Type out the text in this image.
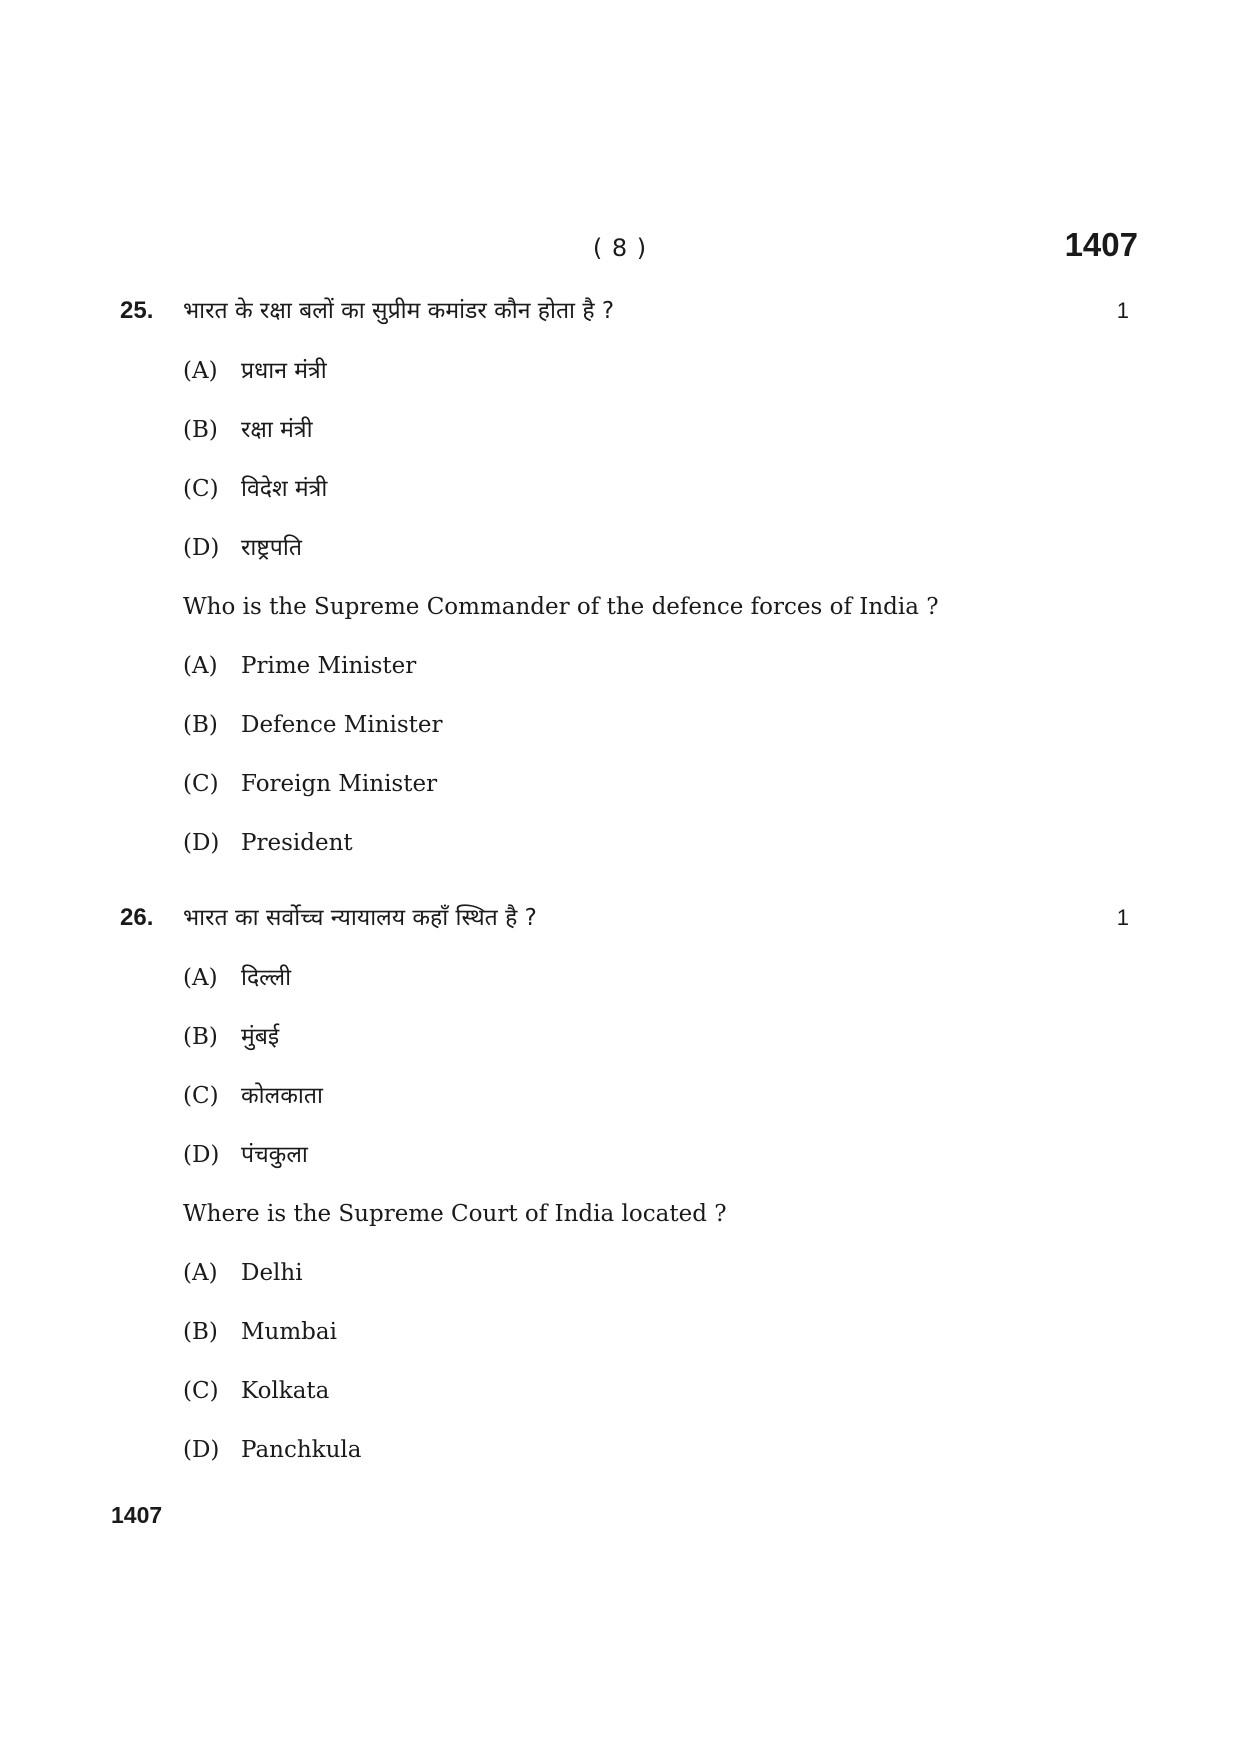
( 8 )	1407
25. भारत के रक्षा बलों का सुप्रीम कमांडर कौन होता है ?	1
(A) प्रधान मंत्री
(B) रक्षा मंत्री
(C) विदेश मंत्री
(D) राष्ट्रपति
Who is the Supreme Commander of the defence forces of India ?
(A) Prime Minister
(B) Defence Minister
(C) Foreign Minister
(D) President
26. भारत का सर्वोच्च न्यायालय कहाँ स्थित है ?	1
(A) दिल्ली
(B) मुंबई
(C) कोलकाता
(D) पंचकुला
Where is the Supreme Court of India located ?
(A) Delhi
(B) Mumbai
(C) Kolkata
(D) Panchkula
1407
